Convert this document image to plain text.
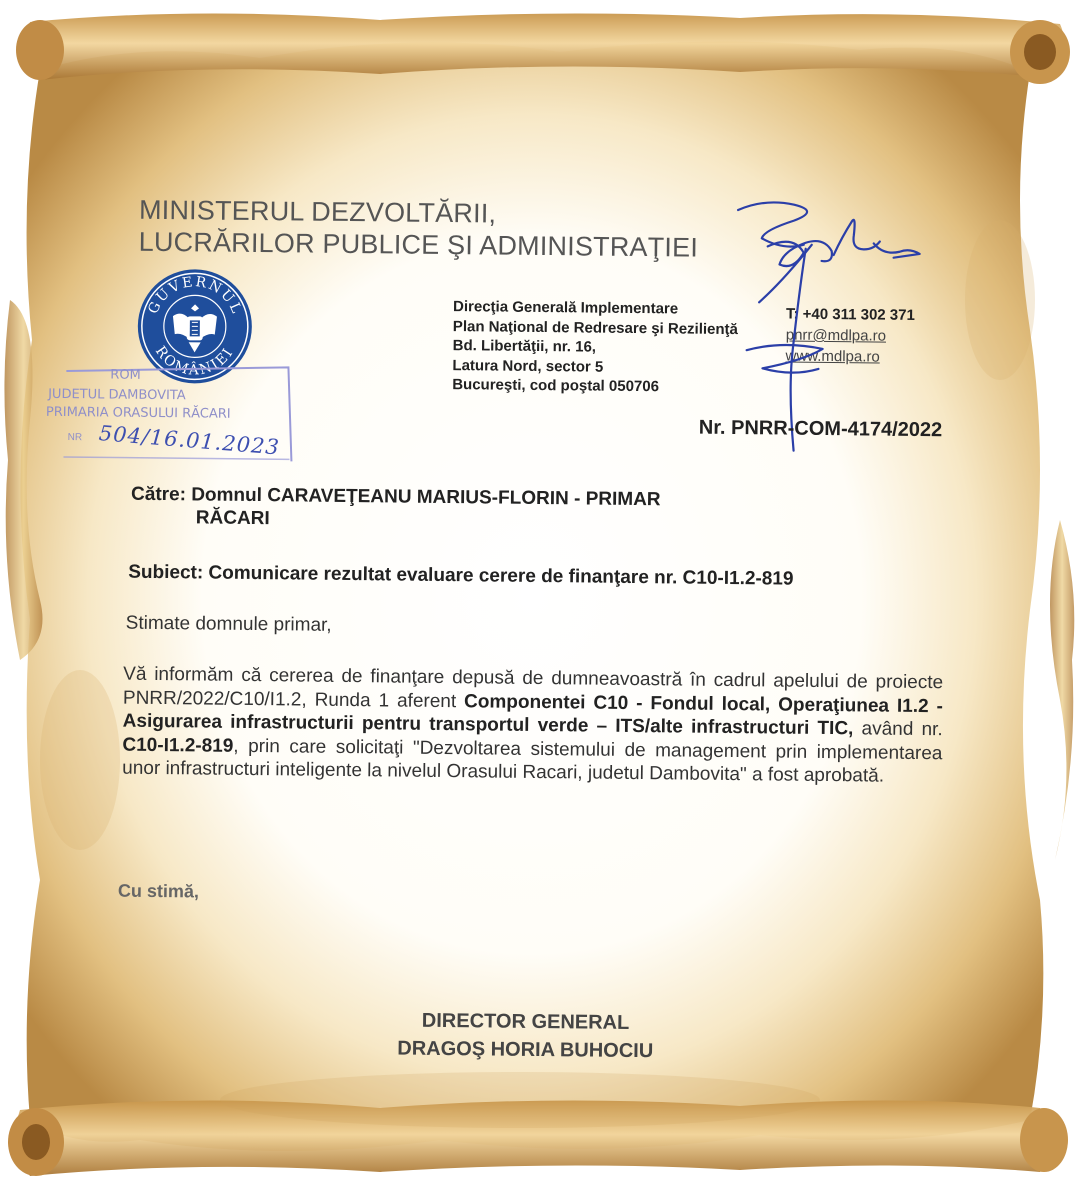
MINISTERUL DEZVOLTĂRII,
LUCRĂRILOR PUBLICE ŞI ADMINISTRAŢIEI
GUVERNUL
ROMÂNIEI
ROM
JUDETUL DAMBOVITA
PRIMARIA ORASULUI RĂCARI
NR 504/16.01.2023
Direcţia Generală Implementare
Plan Naţional de Redresare şi Rezilienţă
Bd. Libertăţii, nr. 16,
Latura Nord, sector 5
Bucureşti, cod poştal 050706
T: +40 311 302 371
pnrr@mdlpa.ro
www.mdlpa.ro
Nr. PNRR-COM-4174/2022
Către: Domnul CARAVEŢEANU MARIUS-FLORIN - PRIMAR
RĂCARI
Subiect: Comunicare rezultat evaluare cerere de finanţare nr. C10-I1.2-819
Stimate domnule primar,
Vă informăm că cererea de finanţare depusă de dumneavoastră în cadrul apelului de proiecte PNRR/2022/C10/I1.2, Runda 1 aferent Componentei C10 - Fondul local, Operaţiunea I1.2 - Asigurarea infrastructurii pentru transportul verde – ITS/alte infrastructuri TIC, având nr. C10-I1.2-819, prin care solicitaţi "Dezvoltarea sistemului de management prin implementarea unor infrastructuri inteligente la nivelul Orasului Racari, judetul Dambovita" a fost aprobată.
Cu stimă,
DIRECTOR GENERAL
DRAGOŞ HORIA BUHOCIU
